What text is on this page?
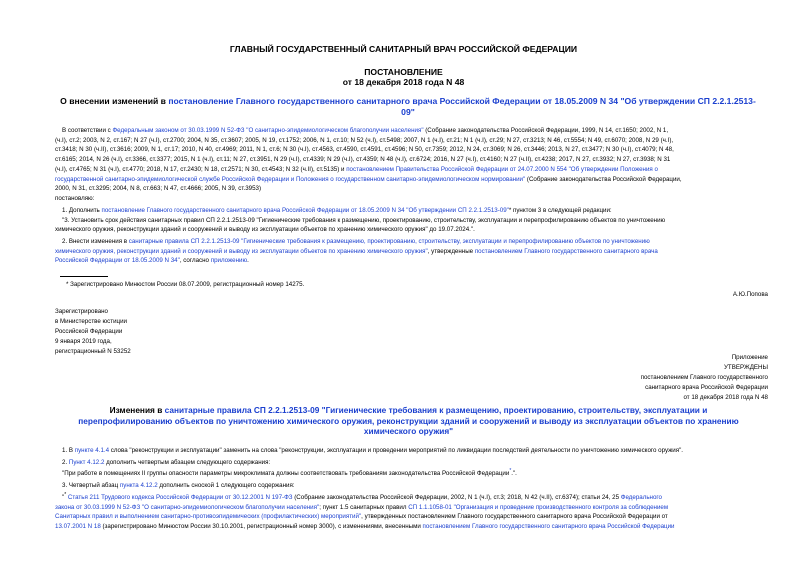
ГЛАВНЫЙ ГОСУДАРСТВЕННЫЙ САНИТАРНЫЙ ВРАЧ РОССИЙСКОЙ ФЕДЕРАЦИИ
ПОСТАНОВЛЕНИЕ
от 18 декабря 2018 года N 48
О внесении изменений в постановление Главного государственного санитарного врача Российской Федерации от 18.05.2009 N 34 "Об утверждении СП 2.2.1.2513-
09"
В соответствии с Федеральным законом от 30.03.1999 N 52-ФЗ "О санитарно-эпидемиологическом благополучии населения" (Собрание законодательства Российской Федерации, 1999, N 14, ст.1650; 2002, N 1,
(ч.I), ст.2; 2003, N 2, ст.167; N 27 (ч.I), ст.2700; 2004, N 35, ст.3607; 2005, N 19, ст.1752; 2006, N 1, ст.10; N 52 (ч.I), ст.5498; 2007, N 1 (ч.I), ст.21; N 1 (ч.I), ст.29; N 27, ст.3213; N 46, ст.5554; N 49, ст.6070; 2008, N 29 (ч.I),
ст.3418; N 30 (ч.II), ст.3616; 2009, N 1, ст.17; 2010, N 40, ст.4969; 2011, N 1, ст.6; N 30 (ч.I), ст.4563, ст.4590, ст.4591, ст.4596; N 50, ст.7359; 2012, N 24, ст.3069; N 26, ст.3446; 2013, N 27, ст.3477; N 30 (ч.I), ст.4079; N 48,
ст.6165; 2014, N 26 (ч.I), ст.3366, ст.3377; 2015, N 1 (ч.I), ст.11; N 27, ст.3951, N 29 (ч.I), ст.4339; N 29 (ч.I), ст.4359; N 48 (ч.I), ст.6724; 2016, N 27 (ч.I), ст.4160; N 27 (ч.II), ст.4238; 2017, N 27, ст.3932; N 27, ст.3938; N 31
(ч.I), ст.4765; N 31 (ч.I), ст.4770; 2018, N 17, ст.2430; N 18, ст.2571; N 30, ст.4543; N 32 (ч.II), ст.5135) и постановлением Правительства Российской Федерации от 24.07.2000 N 554 "Об утверждении Положения о
государственной санитарно-эпидемиологической службе Российской Федерации и Положения о государственном санитарно-эпидемиологическом нормировании" (Собрание законодательства Российской Федерации,
2000, N 31, ст.3295; 2004, N 8, ст.663; N 47, ст.4666; 2005, N 39, ст.3953)
постановляю:
1. Дополнить постановление Главного государственного санитарного врача Российской Федерации от 18.05.2009 N 34 "Об утверждении СП 2.2.1.2513-09"* пунктом 3 в следующей редакции:
"3. Установить срок действия санитарных правил СП 2.2.1.2513-09 "Гигиенические требования к размещению, проектированию, строительству, эксплуатации и перепрофилированию объектов по уничтожению
химического оружия, реконструкции зданий и сооружений и выводу из эксплуатации объектов по хранению химического оружия" до 19.07.2024.".
2. Внести изменения в санитарные правила СП 2.2.1.2513-09 "Гигиенические требования к размещению, проектированию, строительству, эксплуатации и перепрофилированию объектов по уничтожению
химического оружия, реконструкции зданий и сооружений и выводу из эксплуатации объектов по хранению химического оружия", утвержденные постановлением Главного государственного санитарного врача
Российской Федерации от 18.05.2009 N 34", согласно приложению.
* Зарегистрировано Минюстом России 08.07.2009, регистрационный номер 14275.
А.Ю.Попова
Зарегистрировано
в Министерстве юстиции
Российской Федерации
9 января 2019 года,
регистрационный N 53252
Приложение
УТВЕРЖДЕНЫ
постановлением Главного государственного
санитарного врача Российской Федерации
от 18 декабря 2018 года N 48
Изменения в санитарные правила СП 2.2.1.2513-09 "Гигиенические требования к размещению, проектированию, строительству, эксплуатации и
перепрофилированию объектов по уничтожению химического оружия, реконструкции зданий и сооружений и выводу из эксплуатации объектов по хранению
химического оружия"
1. В пункте 4.1.4 слова "реконструкции и эксплуатации" заменить на слова "реконструкции, эксплуатации и проведении мероприятий по ликвидации последствий деятельности по уничтожению химического оружия".
2. Пункт 4.12.2 дополнить четвертым абзацем следующего содержания:
"При работе в помещениях II группы опасности параметры микроклимата должны соответствовать требованиям законодательства Российской Федерации*.".
3. Четвертый абзац пункта 4.12.2 дополнить сноской 1 следующего содержания:
"* Статья 211 Трудового кодекса Российской Федерации от 30.12.2001 N 197-ФЗ (Собрание законодательства Российской Федерации, 2002, N 1 (ч.I), ст.3; 2018, N 42 (ч.II), ст.6374); статьи 24, 25 Федерального
закона от 30.03.1999 N 52-ФЗ "О санитарно-эпидемиологическом благополучии населения"; пункт 1.5 санитарных правил СП 1.1.1058-01 "Организация и проведение производственного контроля за соблюдением
Санитарных правил и выполнением санитарно-противоэпидемических (профилактических) мероприятий", утвержденных постановлением Главного государственного санитарного врача Российской Федерации от
13.07.2001 N 18 (зарегистрировано Минюстом России 30.10.2001, регистрационный номер 3000), с изменениями, внесенными постановлением Главного государственного санитарного врача Российской Федерации
